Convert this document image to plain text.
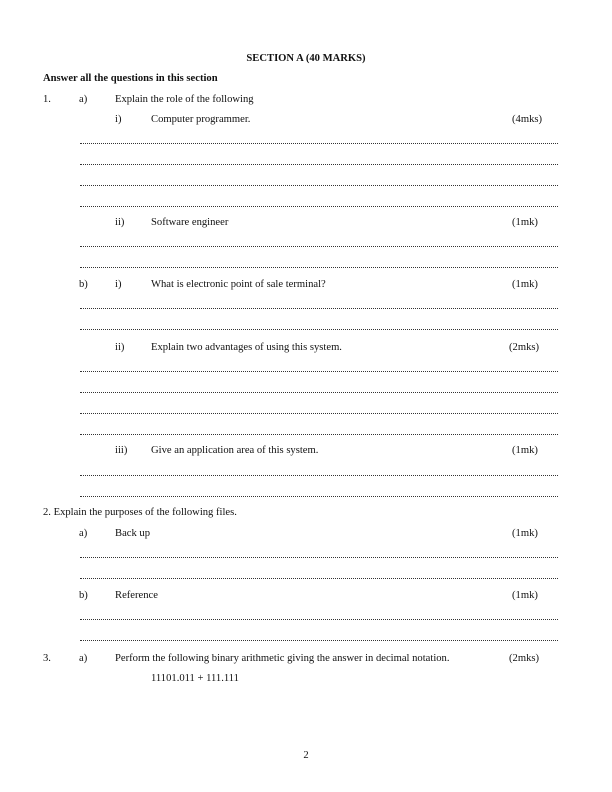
SECTION A (40 MARKS)
Answer all the questions in this section
1.	a)	Explain the role of the following
i)	Computer programmer.	(4mks)
ii)	Software engineer	(1mk)
b)	i)	What is electronic point of sale terminal?	(1mk)
ii)	Explain two advantages of using this system.	(2mks)
iii) Give an application area of this system.	(1mk)
2. Explain the purposes of the following files.
a)	Back up	(1mk)
b)	Reference	(1mk)
3.	a)	Perform the following binary arithmetic giving the answer in decimal notation.	(2mks)
11101.011 + 111.111
2
